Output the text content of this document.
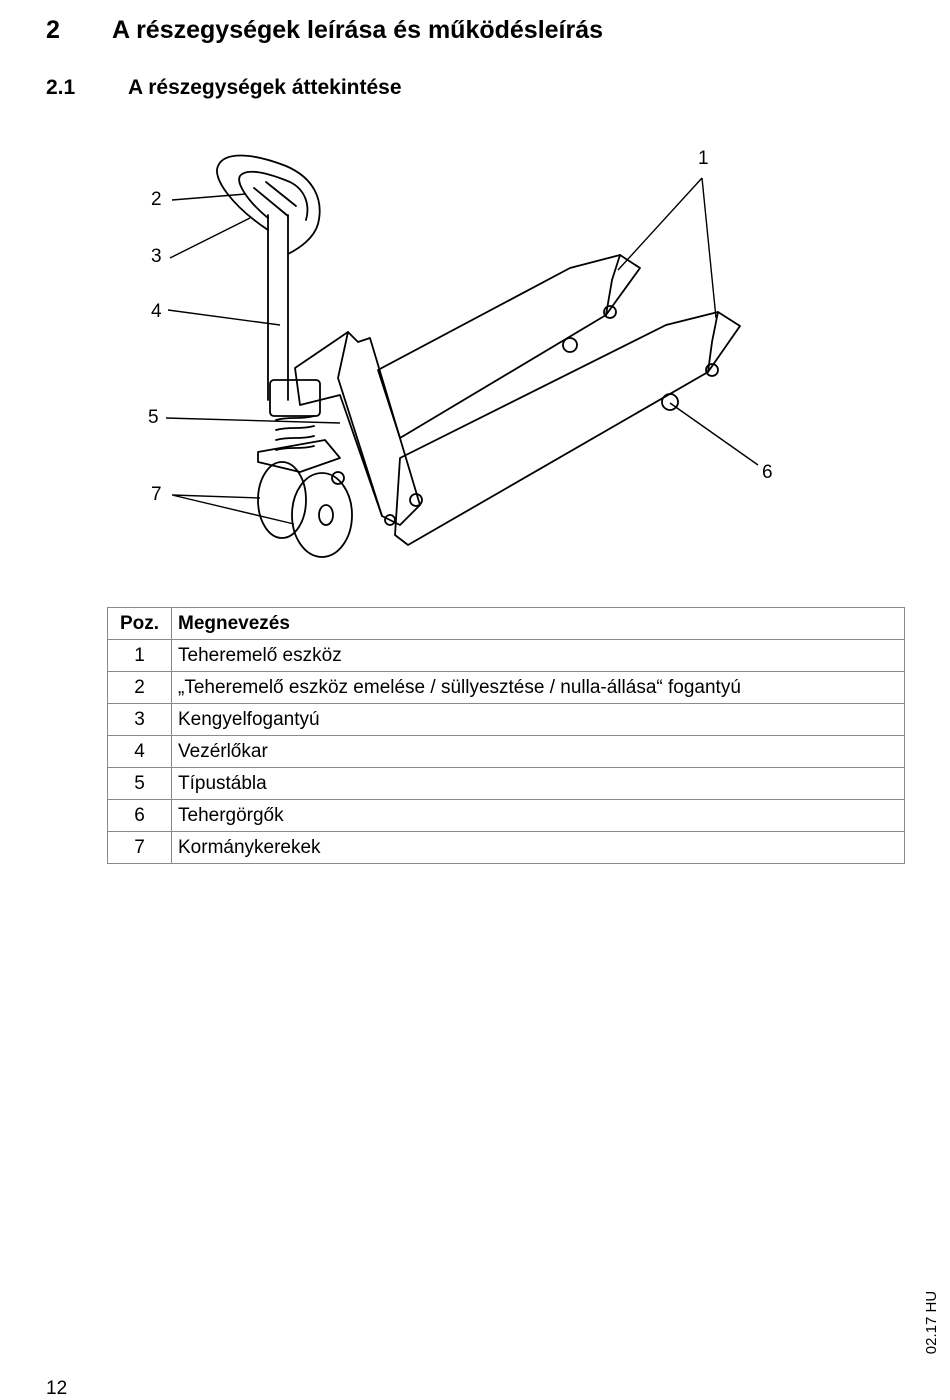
2	A részegységek leírása és működésleírás
2.1	A részegységek áttekintése
1
2
3
4
5
6
7
Poz.	Megnevezés
1	Teheremelő eszköz
2	„Teheremelő eszköz emelése / süllyesztése / nulla-állása“ fogantyú
3	Kengyelfogantyú
4	Vezérlőkar
5	Típustábla
6	Tehergörgők
7	Kormánykerekek
02.17 HU
12
